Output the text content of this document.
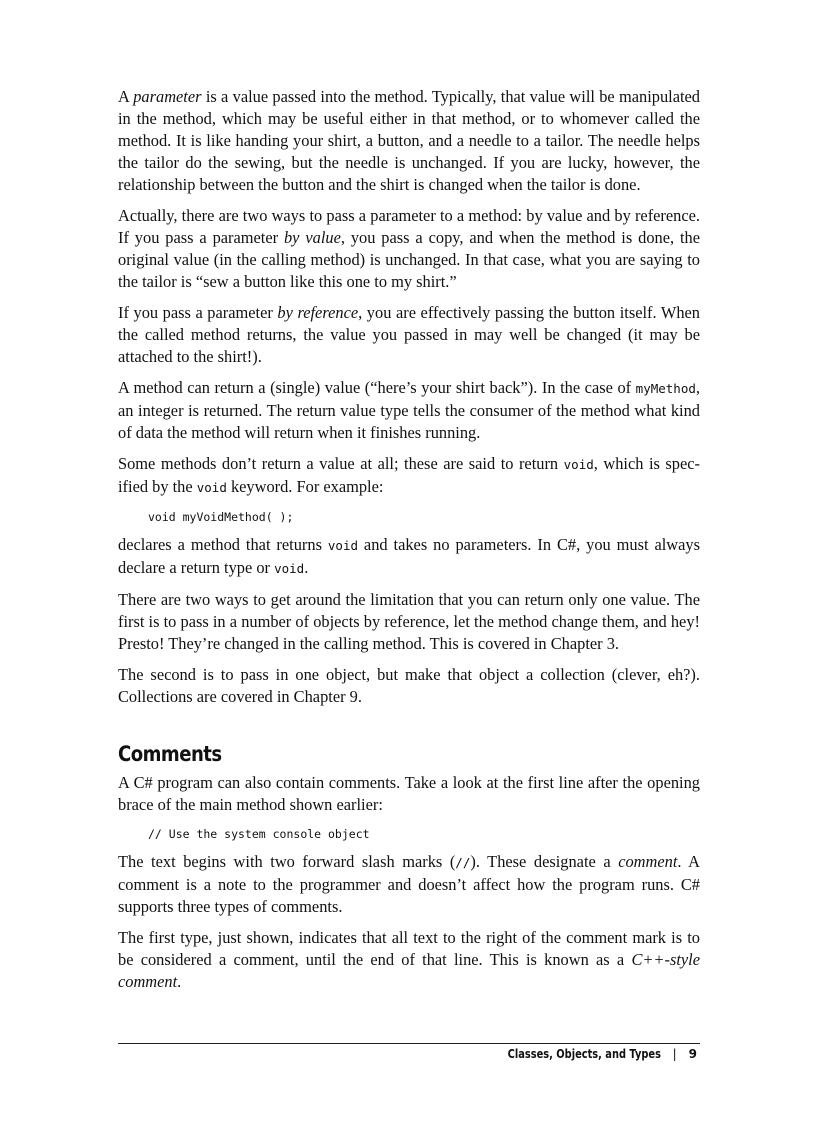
A parameter is a value passed into the method. Typically, that value will be manipulated in the method, which may be useful either in that method, or to whomever called the method. It is like handing your shirt, a button, and a needle to a tailor. The needle helps the tailor do the sewing, but the needle is unchanged. If you are lucky, however, the relationship between the button and the shirt is changed when the tailor is done.

Actually, there are two ways to pass a parameter to a method: by value and by reference. If you pass a parameter by value, you pass a copy, and when the method is done, the original value (in the calling method) is unchanged. In that case, what you are saying to the tailor is “sew a button like this one to my shirt.”

If you pass a parameter by reference, you are effectively passing the button itself. When the called method returns, the value you passed in may well be changed (it may be attached to the shirt!).

A method can return a (single) value (“here’s your shirt back”). In the case of myMethod, an integer is returned. The return value type tells the consumer of the method what kind of data the method will return when it finishes running.

Some methods don’t return a value at all; these are said to return void, which is specified by the void keyword. For example:

void myVoidMethod( );

declares a method that returns void and takes no parameters. In C#, you must always declare a return type or void.

There are two ways to get around the limitation that you can return only one value. The first is to pass in a number of objects by reference, let the method change them, and hey! Presto! They’re changed in the calling method. This is covered in Chapter 3.

The second is to pass in one object, but make that object a collection (clever, eh?). Collections are covered in Chapter 9.

Comments

A C# program can also contain comments. Take a look at the first line after the opening brace of the main method shown earlier:

// Use the system console object

The text begins with two forward slash marks (//). These designate a comment. A comment is a note to the programmer and doesn’t affect how the program runs. C# supports three types of comments.

The first type, just shown, indicates that all text to the right of the comment mark is to be considered a comment, until the end of that line. This is known as a C++-style comment.

Classes, Objects, and Types | 9
